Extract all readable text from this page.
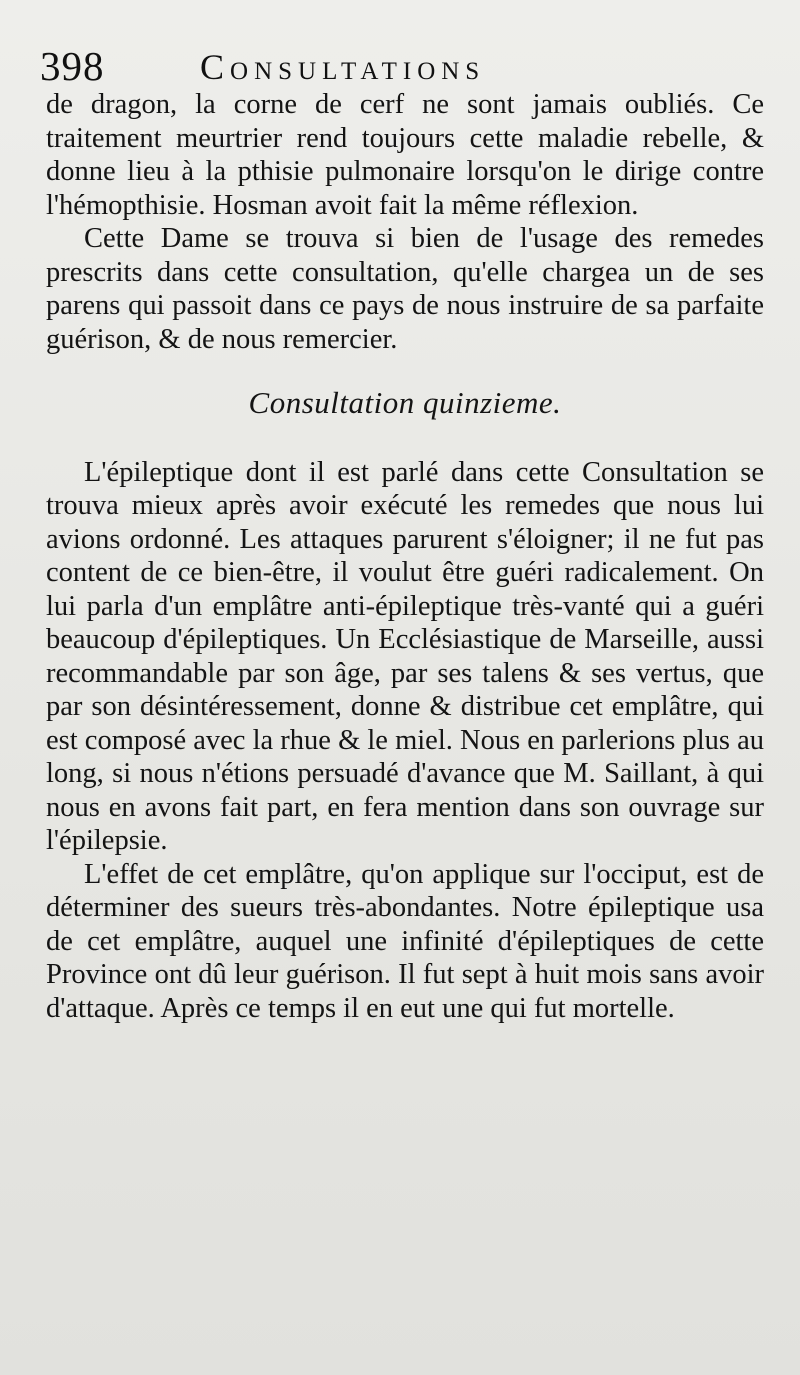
398	Consultations

de dragon, la corne de cerf ne sont jamais oubliés. Ce traitement meurtrier rend toujours cette maladie rebelle, & donne lieu à la pthisie pulmonaire lorsqu'on le dirige contre l'hémopthisie. Hosman avoit fait la même réflexion.

Cette Dame se trouva si bien de l'usage des remedes prescrits dans cette consultation, qu'elle chargea un de ses parens qui passoit dans ce pays de nous instruire de sa parfaite guérison, & de nous remercier.

Consultation quinzieme.

L'épileptique dont il est parlé dans cette Consultation se trouva mieux après avoir exécuté les remedes que nous lui avions ordonné. Les attaques parurent s'éloigner; il ne fut pas content de ce bien-être, il voulut être guéri radicalement. On lui parla d'un emplâtre anti-épileptique très-vanté qui a guéri beaucoup d'épileptiques. Un Ecclésiastique de Marseille, aussi recommandable par son âge, par ses talens & ses vertus, que par son désintéressement, donne & distribue cet emplâtre, qui est composé avec la rhue & le miel. Nous en parlerions plus au long, si nous n'étions persuadé d'avance que M. Saillant, à qui nous en avons fait part, en fera mention dans son ouvrage sur l'épilepsie.

L'effet de cet emplâtre, qu'on applique sur l'occiput, est de déterminer des sueurs très-abondantes. Notre épileptique usa de cet emplâtre, auquel une infinité d'épileptiques de cette Province ont dû leur guérison. Il fut sept à huit mois sans avoir d'attaque. Après ce temps il en eut une qui fut mortelle.
